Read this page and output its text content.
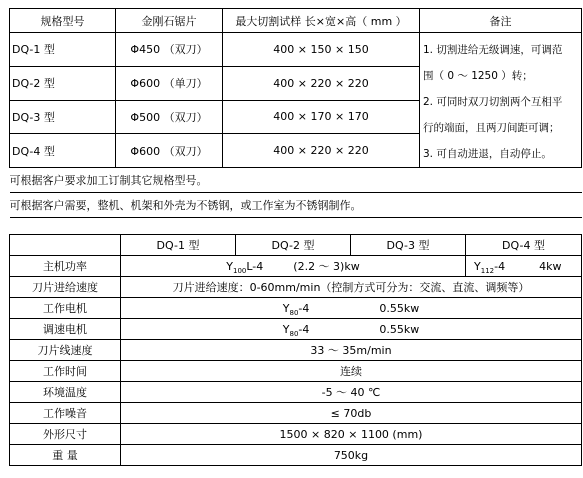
规格型号	金刚石锯片	最大切割试样 长×宽×高（ mm ）	备注
DQ-1 型	Φ450 （双刀）	400 × 150 × 150	1. 切割进给无级调速，可调范
围（ 0 ～ 1250 ）转；
2. 可同时双刀切割两个互相平
行的端面，且两刀间距可调；
3. 可自动进退，自动停止。

DQ-2 型	Φ600 （单刀）	400 × 220 × 220	
DQ-3 型	Φ500 （双刀）	400 × 170 × 170	
DQ-4 型	Φ600 （双刀）	400 × 220 × 220	
可根据客户要求加工订制其它规格型号。			
可根据客户需要，整机、机架和外壳为不锈钢，或工作室为不锈钢制作。			
	DQ-1 型	DQ-2 型	DQ-3 型	DQ-4 型
主机功率	$Y_{100}L-4$ (2.2 ～ 3)kw			$Y_{112}-4$ 4kw
刀片进给速度	刀片进给速度：0-60mm/min（控制方式可分为：交流、直流、调频等）			
工作电机	$Y_{80}-4$ 0.55kw			
调速电机	$Y_{80}-4$ 0.55kw			
刀片线速度	33 ～ 35m/min			
工作时间	连续			
环境温度	-5 ～ 40 ℃			
工作噪音	≤ 70db			
外形尺寸	1500 × 820 × 1100 (mm)			
重 量	750kg			
